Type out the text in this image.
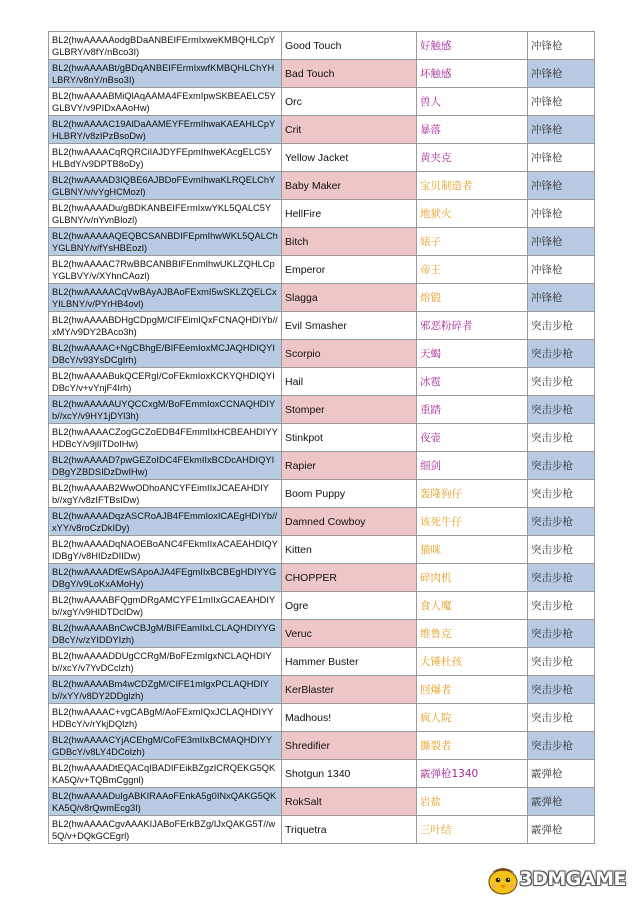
BL2(hwAAAAAodgBDaANBEIFErmIxweKMBQHLCpYGLBRY/v8fY/nBco3I)	Good Touch	好触感	冲锋枪
BL2(hwAAAABt/gBDqANBEIFErmIxwfKMBQHLChYHLBRY/v8nY/nBso3I)	Bad Touch	坏触感	冲锋枪
BL2(hwAAAABMiQlAqAAMA4FExmIpwSKBEAELC5YGLBVY/v9PIDxAAoHw)	Orc	兽人	冲锋枪
BL2(hwAAAAC19AlDaAAMEYFErmIhwaKAEAHLCpYHLBRY/v8zIPzBsoDw)	Crit	暴落	冲锋枪
BL2(hwAAAACqRQRCiIAJDYFEpmIhweKAcgELC5YHLBdY/v9DPTB8oDy)	Yellow Jacket	黄夹克	冲锋枪
BL2(hwAAAAD3IQBE6AJBDoFEvmIhwaKLRQELChYGLBNY/v/vYgHCMozl)	Baby Maker	宝贝制造者	冲锋枪
BL2(hwAAAADu/gBDKANBEIFErmIxwYKL5QALC5YGLBNY/v/nYvnBlozl)	HellFire	地狱火	冲锋枪
BL2(hwAAAAAQEQBCSANBDIFEpmIhwWKL5QALChYGLBNY/v/fYsHBEozl)	Bitch	婊子	冲锋枪
BL2(hwAAAAC7RwBBCANBBIFEnmIhwUKLZQHLCpYGLBVY/v/XYhnCAozl)	Emperor	帝王	冲锋枪
BL2(hwAAAAACqVwBAyAJBAoFExmI5wSKLZQELCxYILBNY/v/PYrHB4ovl)	Slagga	熔锻	冲锋枪
BL2(hwAAAABDHgCDpgM/CIFEimIQxFCNAQHDIYb//xMY/v9DY2BAco3h)	Evil Smasher	邪恶粉碎者	突击步枪
BL2(hwAAAAC+NgCBhgE/BIFEemIoxMCJAQHDIQYIDBcY/v93YsDCgIrh)	Scorpio	天蝎	突击步枪
BL2(hwAAAABukQCERgI/CoFEkmIoxKCKYQHDIQYIDBcY/v+vYnjF4Irh)	Hail	冰雹	突击步枪
BL2(hwAAAAAUYQCCxgM/BoFEmmIoxCCNAQHDIYb//xcY/v9HY1jDYl3h)	Stomper	重踏	突击步枪
BL2(hwAAAACZogGCZoEDB4FEmmIIxHCBEAHDIYYHDBcY/v9jlITDoIHw)	Stinkpot	夜壶	突击步枪
BL2(hwAAAAD7pwGEZoIDC4FEkmIIxBCDcAHDIQYIDBgYZBDSIDzDwIHw)	Rapier	细剑	突击步枪
BL2(hwAAAAB2WwODhoANCYFEimIIxJCAEAHDIYb//xgY/v8zIFTBsIDw)	Boom Puppy	轰隆狗仔	突击步枪
BL2(hwAAAADqzASCRoAJB4FEmmIoxICAEgHDIYb//xYY/v8roCzDkIDy)	Damned Cowboy	该死牛仔	突击步枪
BL2(hwAAAADqNAOEBoANC4FEkmIIxACAEAHDIQYIDBgY/v8HIDzDIIDw)	Kitten	猫咪	突击步枪
BL2(hwAAAADfEwSApoAJA4FEgmIIxBCBEgHDIYYGDBgY/v9LoKxAMoHy)	CHOPPER	碎肉机	突击步枪
BL2(hwAAAABFQgmDRgAMCYFE1mIIxGCAEAHDIYb//xgY/v9HIDTDcIDw)	Ogre	食人魔	突击步枪
BL2(hwAAAABnCwCBJgM/BIFEamIIxLCLAQHDIYYGDBcY/v/zYIDDYIzh)	Veruc	维鲁克	突击步枪
BL2(hwAAAADDUgCCRgM/BoFEzmIgxNCLAQHDIYb//xcY/v7YvDCclzh)	Hammer Buster	大锤杜孩	突击步枪
BL2(hwAAAABm4wCDZgM/CIFE1mIgxPCLAQHDIYb//xYY/v8DY2DDglzh)	KerBlaster	回爆者	突击步枪
BL2(hwAAAAC+vgCABgM/AoFExmIQxJCLAQHDIYYHDBcY/v/rYkjDQlzh)	Madhous!	疯人院	突击步枪
BL2(hwAAAACYjACEhgM/CoFE3mIIxBCMAQHDIYYGDBcY/v8LY4DColzh)	Shredifier	撕裂者	突击步枪
BL2(hwAAAADtEQACqIBADIFEikBZgzICRQEKG5QKKA5Q/v+TQBmCggnl)	Shotgun 1340	霰弹枪1340	霰弹枪
BL2(hwAAAADuIgABKIRAAoFEnkA5g0INxQAKG5QKKA5Q/v8rQwmEcg3I)	RokSalt	岩盐	霰弹枪
BL2(hwAAAACgvAAAKIJABoFErkBZg/IJxQAKG5T//w5Q/v+DQkGCEgrl)	Triquetra	三叶结	霰弹枪
3DMGAME
